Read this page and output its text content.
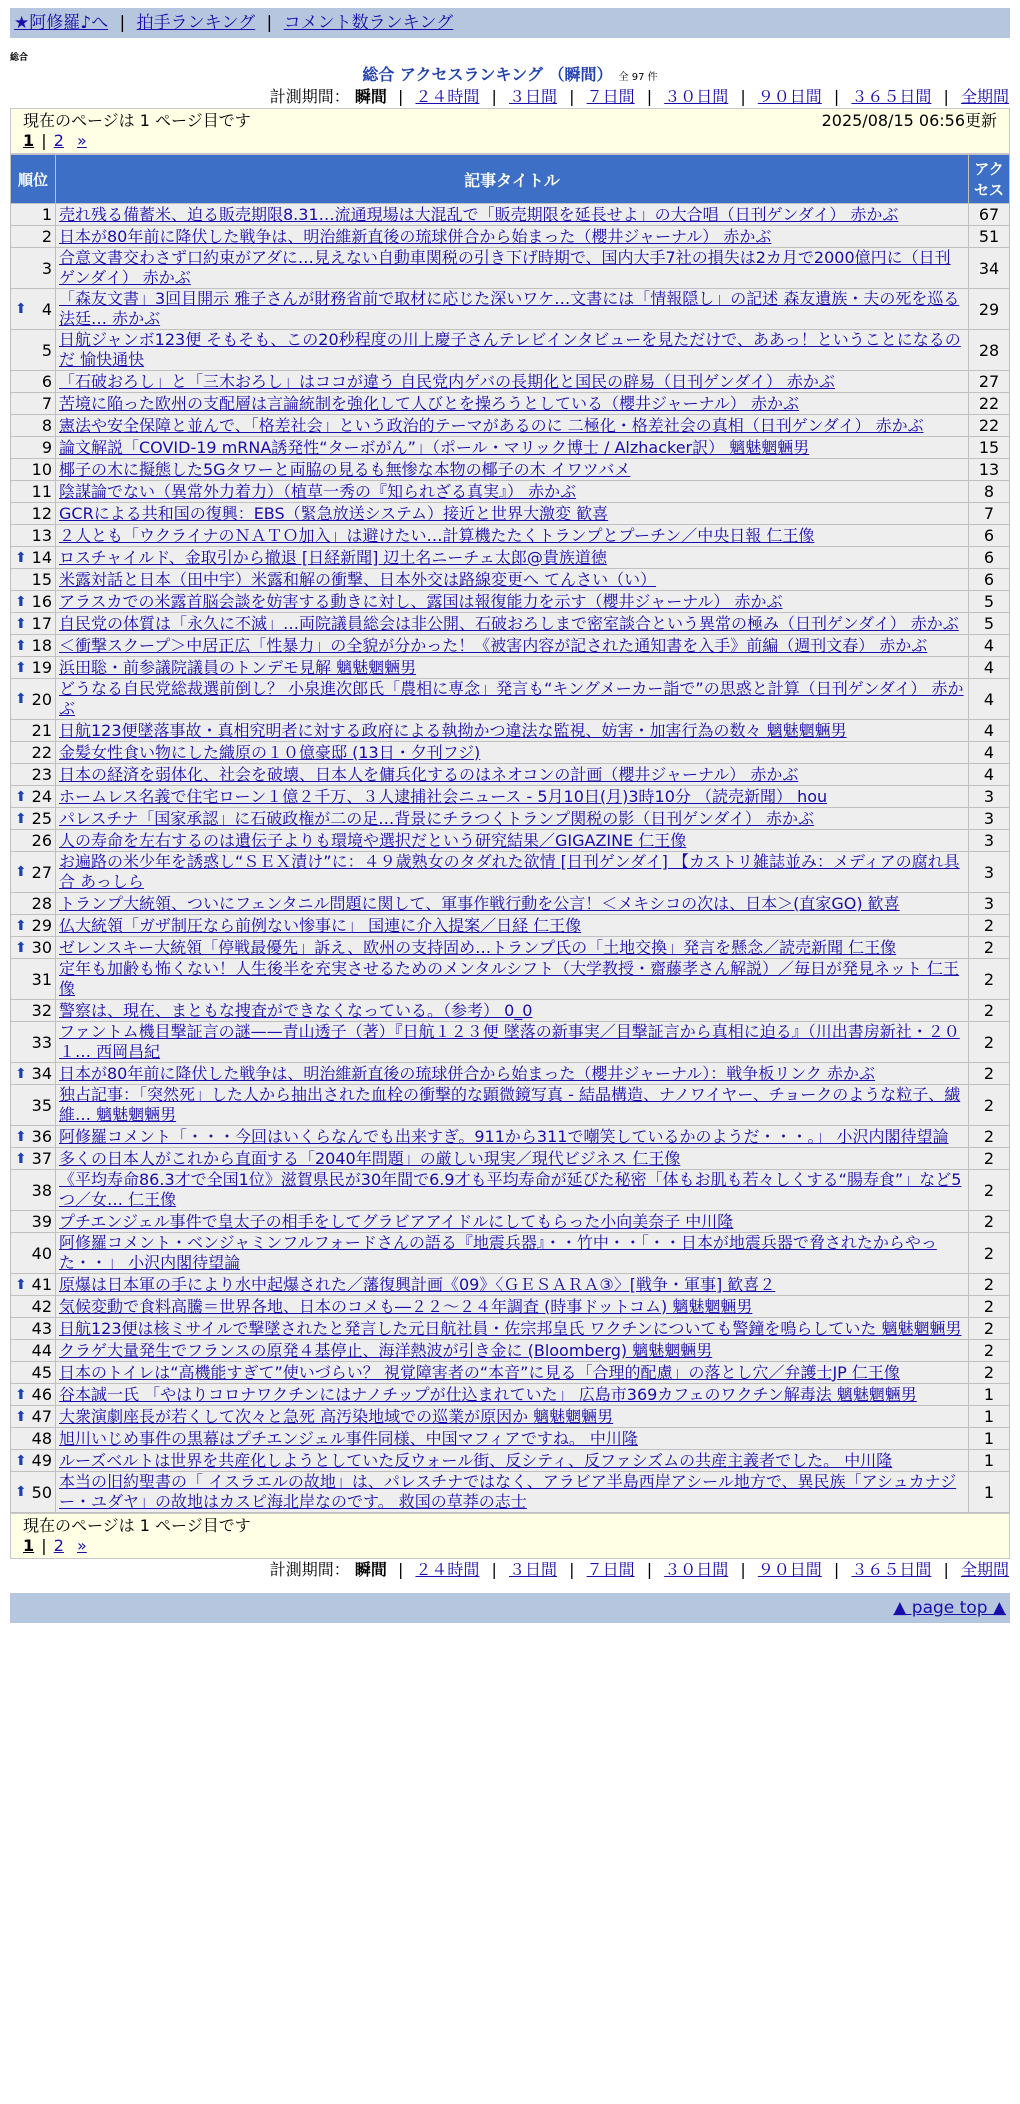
★阿修羅♪へ | 拍手ランキング | コメント数ランキング
総合
総合 アクセスランキング （瞬間） 全 97 件
計測期間： 瞬間 | ２４時間 | ３日間 | ７日間 | ３０日間 | ９０日間 | ３６５日間 | 全期間
現在のページは 1 ページ目です	2025/08/15 06:56更新
1 | 2 »
順位	記事タイトル	アクセス
1	売れ残る備蓄米、迫る販売期限8.31…流通現場は大混乱で「販売期限を延長せよ」の大合唱（日刊ゲンダイ） 赤かぶ	67
2	日本が80年前に降伏した戦争は、明治維新直後の琉球併合から始まった（櫻井ジャーナル） 赤かぶ	51
3	合意文書交わさず口約束がアダに…見えない自動車関税の引き下げ時期で、国内大手7社の損失は2カ月で2000億円に（日刊ゲンダイ） 赤かぶ	34

⬆ 4	「森友文書」3回目開示 雅子さんが財務省前で取材に応じた深いワケ…文書には「情報隠し」の記述 森友遺族・夫の死を巡る法廷… 赤かぶ	29
5	日航ジャンボ123便 そもそも、この20秒程度の川上慶子さんテレビインタビューを見ただけで、ああっ！ということになるのだ 愉快通快	28
6	「石破おろし」と「三木おろし」はココが違う 自民党内ゲバの長期化と国民の辟易（日刊ゲンダイ） 赤かぶ	27
7	苦境に陥った欧州の支配層は言論統制を強化して人びとを操ろうとしている（櫻井ジャーナル） 赤かぶ	22
8	憲法や安全保障と並んで、「格差社会」という政治的テーマがあるのに 二極化・格差社会の真相（日刊ゲンダイ） 赤かぶ	22
9	論文解説「COVID-19 mRNA誘発性“ターボがん”」（ポール・マリック博士 / Alzhacker訳） 魑魅魍魎男	15
10	椰子の木に擬態した5Gタワーと両脇の見るも無惨な本物の椰子の木 イワツバメ	13
11	陰謀論でない（異常外力着力）（植草一秀の『知られざる真実』） 赤かぶ	8
12	GCRによる共和国の復興：EBS（緊急放送システム）接近と世界大激変 歓喜	7
13	２人とも「ウクライナのＮＡＴＯ加入」は避けたい…計算機たたくトランプとプーチン／中央日報 仁王像	6

⬆ 14	ロスチャイルド、金取引から撤退 [日経新聞] 辺土名ニーチェ太郎@貴族道徳	6
15	米露対話と日本（田中宇）米露和解の衝撃、日本外交は路線変更へ てんさい（い）	6

⬆ 16	アラスカでの米露首脳会談を妨害する動きに対し、露国は報復能力を示す（櫻井ジャーナル） 赤かぶ	5

⬆ 17	自民党の体質は「永久に不滅」…両院議員総会は非公開、石破おろしまで密室談合という異常の極み（日刊ゲンダイ） 赤かぶ	5

⬆ 18	＜衝撃スクープ＞中居正広「性暴力」の全貌が分かった！《被害内容が記された通知書を入手》前編（週刊文春） 赤かぶ	4

⬆ 19	浜田聡・前参議院議員のトンデモ見解 魑魅魍魎男	4

⬆ 20	どうなる自民党総裁選前倒し？ 小泉進次郎氏「農相に専念」発言も“キングメーカー詣で”の思惑と計算（日刊ゲンダイ） 赤かぶ	4
21	日航123便墜落事故・真相究明者に対する政府による執拗かつ違法な監視、妨害・加害行為の数々 魑魅魍魎男	4
22	金髪女性食い物にした織原の１０億豪邸 (13日・夕刊フジ)	4
23	日本の経済を弱体化、社会を破壊、日本人を傭兵化するのはネオコンの計画（櫻井ジャーナル） 赤かぶ	4

⬆ 24	ホームレス名義で住宅ローン１億２千万、３人逮捕社会ニュース - 5月10日(月)3時10分 （読売新聞） hou	3

⬆ 25	パレスチナ「国家承認」に石破政権が二の足…背景にチラつくトランプ関税の影（日刊ゲンダイ） 赤かぶ	3
26	人の寿命を左右するのは遺伝子よりも環境や選択だという研究結果／GIGAZINE 仁王像	3

⬆ 27	お遍路の米少年を誘惑し“ＳＥＸ漬け”に：４９歳熟女のタダれた欲情 [日刊ゲンダイ] 【カストリ雑誌並み：メディアの腐れ具合 あっしら	3
28	トランプ大統領、ついにフェンタニル問題に関して、軍事作戦行動を公言！＜メキシコの次は、日本＞(直家GO) 歓喜	3

⬆ 29	仏大統領「ガザ制圧なら前例ない惨事に」 国連に介入提案／日経 仁王像	2

⬆ 30	ゼレンスキー大統領「停戦最優先」訴え、欧州の支持固め…トランプ氏の「土地交換」発言を懸念／読売新聞 仁王像	2
31	定年も加齢も怖くない！人生後半を充実させるためのメンタルシフト（大学教授・齋藤孝さん解説）／毎日が発見ネット 仁王像	2
32	警察は、現在、まともな捜査ができなくなっている。（参考） 0_0	2
33	ファントム機目撃証言の謎——青山透子（著）『日航１２３便 墜落の新事実／目撃証言から真相に迫る』（川出書房新社・２０１… 西岡昌紀	2

⬆ 34	日本が80年前に降伏した戦争は、明治維新直後の琉球併合から始まった（櫻井ジャーナル）：戦争板リンク 赤かぶ	2
35	独占記事：「突然死」した人から抽出された血栓の衝撃的な顕微鏡写真 - 結晶構造、ナノワイヤー、チョークのような粒子、繊維… 魑魅魍魎男	2

⬆ 36	阿修羅コメント「・・・今回はいくらなんでも出来すぎ。911から311で嘲笑しているかのようだ・・・。」 小沢内閣待望論	2

⬆ 37	多くの日本人がこれから直面する「2040年問題」の厳しい現実／現代ビジネス 仁王像	2
38	《平均寿命86.3才で全国1位》滋賀県民が30年間で6.9才も平均寿命が延びた秘密「体もお肌も若々しくする“腸寿食”」など5つ／女… 仁王像	2
39	プチエンジェル事件で皇太子の相手をしてグラビアアイドルにしてもらった小向美奈子 中川隆	2
40	阿修羅コメント・ベンジャミンフルフォードさんの語る『地震兵器』・・竹中・・「・・日本が地震兵器で脅されたからやった・・」 小沢内閣待望論	2

⬆ 41	原爆は日本軍の手により水中起爆された／藩復興計画《09》〈ＧＥＳＡＲＡ③〉[戦争・軍事] 歓喜２	2
42	気候変動で食料高騰＝世界各地、日本のコメも―２２～２４年調査 (時事ドットコム) 魑魅魍魎男	2
43	日航123便は核ミサイルで撃墜されたと発言した元日航社員・佐宗邦皇氏 ワクチンについても警鐘を鳴らしていた 魑魅魍魎男	2
44	クラゲ大量発生でフランスの原発４基停止、海洋熱波が引き金に (Bloomberg) 魑魅魍魎男	2
45	日本のトイレは“高機能すぎて”使いづらい？ 視覚障害者の“本音”に見る「合理的配慮」の落とし穴／弁護士JP 仁王像	2

⬆ 46	谷本誠一氏 「やはりコロナワクチンにはナノチップが仕込まれていた」 広島市369カフェのワクチン解毒法 魑魅魍魎男	1

⬆ 47	大衆演劇座長が若くして次々と急死 高汚染地域での巡業が原因か 魑魅魍魎男	1
48	旭川いじめ事件の黒幕はプチエンジェル事件同様、中国マフィアですね。 中川隆	1

⬆ 49	ルーズベルトは世界を共産化しようとしていた反ウォール街、反シティ、反ファシズムの共産主義者でした。 中川隆	1

⬆ 50	本当の旧約聖書の「 イスラエルの故地」は、パレスチナではなく、アラビア半島西岸アシール地方で、異民族「アシュカナジー・ユダヤ」の故地はカスピ海北岸なのです。 救国の草莽の志士	1
現在のページは 1 ページ目です
1 | 2 »
計測期間： 瞬間 | ２４時間 | ３日間 | ７日間 | ３０日間 | ９０日間 | ３６５日間 | 全期間
▲ page top ▲
